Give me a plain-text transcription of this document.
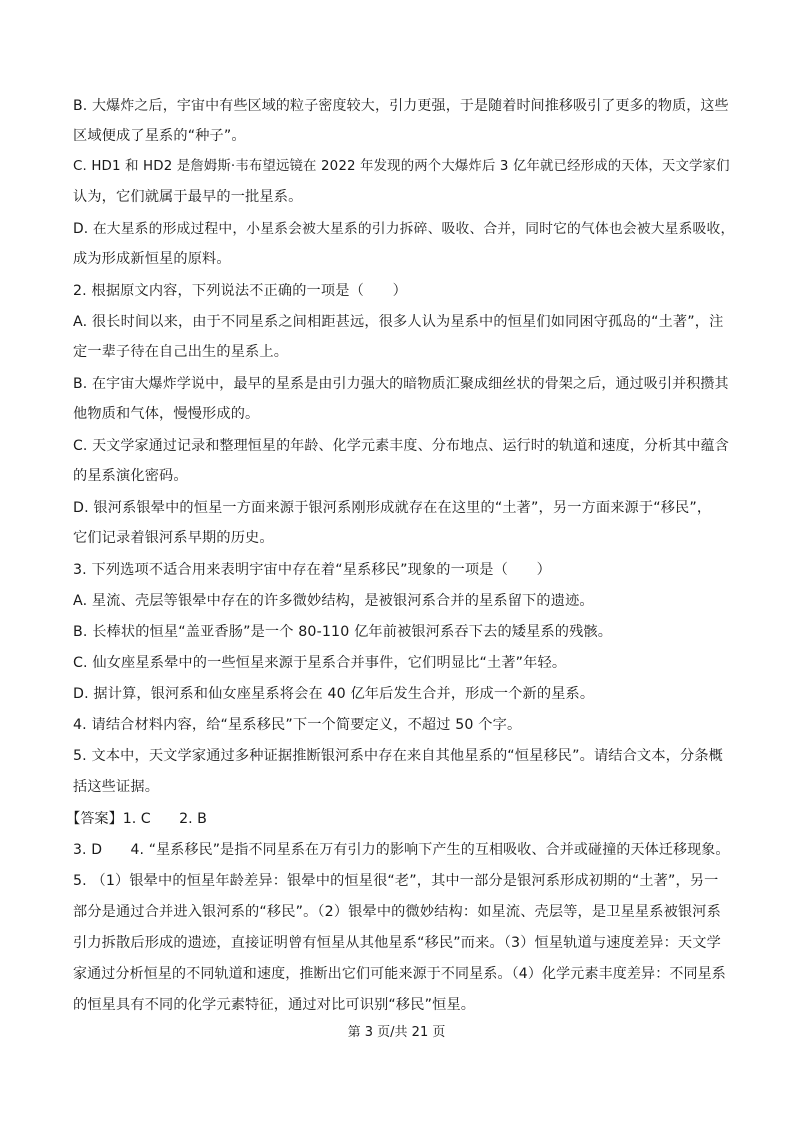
B. 大爆炸之后，宇宙中有些区域的粒子密度较大，引力更强，于是随着时间推移吸引了更多的物质，这些
区域便成了星系的“种子”。
C. HD1 和 HD2 是詹姆斯·韦布望远镜在 2022 年发现的两个大爆炸后 3 亿年就已经形成的天体，天文学家们
认为，它们就属于最早的一批星系。
D. 在大星系的形成过程中，小星系会被大星系的引力拆碎、吸收、合并，同时它的气体也会被大星系吸收，
成为形成新恒星的原料。
2. 根据原文内容，下列说法不正确的一项是（　　）
A. 很长时间以来，由于不同星系之间相距甚远，很多人认为星系中的恒星们如同困守孤岛的“土著”，注
定一辈子待在自己出生的星系上。
B. 在宇宙大爆炸学说中，最早的星系是由引力强大的暗物质汇聚成细丝状的骨架之后，通过吸引并积攒其
他物质和气体，慢慢形成的。
C. 天文学家通过记录和整理恒星的年龄、化学元素丰度、分布地点、运行时的轨道和速度，分析其中蕴含
的星系演化密码。
D. 银河系银晕中的恒星一方面来源于银河系刚形成就存在在这里的“土著”，另一方面来源于“移民”，
它们记录着银河系早期的历史。
3. 下列选项不适合用来表明宇宙中存在着“星系移民”现象的一项是（　　）
A. 星流、壳层等银晕中存在的许多微妙结构，是被银河系合并的星系留下的遗迹。
B. 长棒状的恒星“盖亚香肠”是一个 80-110 亿年前被银河系吞下去的矮星系的残骸。
C. 仙女座星系晕中的一些恒星来源于星系合并事件，它们明显比“土著”年轻。
D. 据计算，银河系和仙女座星系将会在 40 亿年后发生合并，形成一个新的星系。
4. 请结合材料内容，给“星系移民”下一个简要定义，不超过 50 个字。
5. 文本中，天文学家通过多种证据推断银河系中存在来自其他星系的“恒星移民”。请结合文本，分条概
括这些证据。
【答案】1. C　　2. B
3. D　　4. “星系移民”是指不同星系在万有引力的影响下产生的互相吸收、合并或碰撞的天体迁移现象。
5. （1）银晕中的恒星年龄差异：银晕中的恒星很“老”，其中一部分是银河系形成初期的“土著”，另一
部分是通过合并进入银河系的“移民”。（2）银晕中的微妙结构：如星流、壳层等，是卫星星系被银河系
引力拆散后形成的遗迹，直接证明曾有恒星从其他星系“移民”而来。（3）恒星轨道与速度差异：天文学
家通过分析恒星的不同轨道和速度，推断出它们可能来源于不同星系。（4）化学元素丰度差异：不同星系
的恒星具有不同的化学元素特征，通过对比可识别“移民”恒星。
第 3 页/共 21 页
